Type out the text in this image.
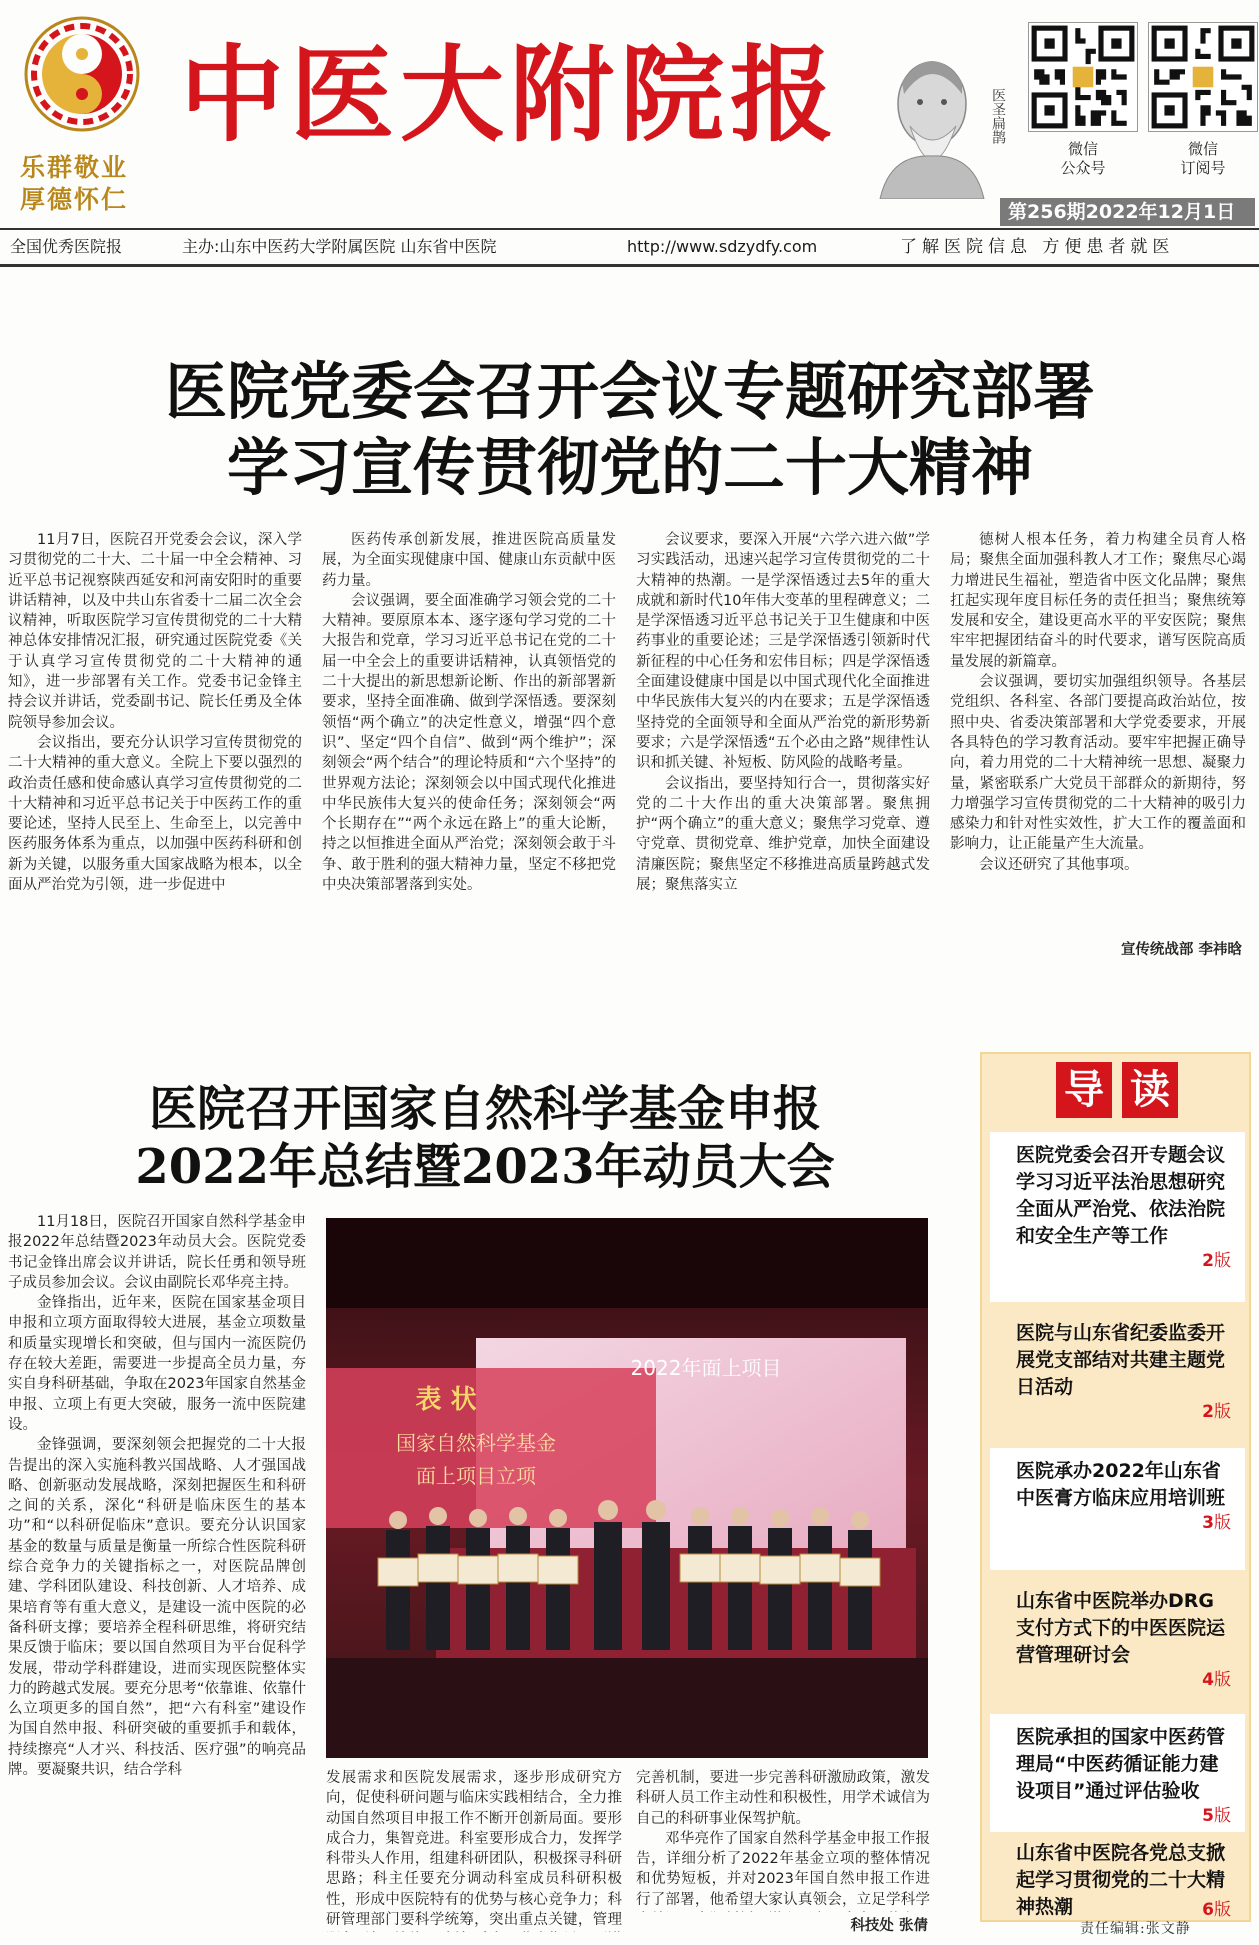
乐群敬业
厚德怀仁
中医大附院报	医圣扁鹊
微信
公众号
微信
订阅号
第256期2022年12月1日
全国优秀医院报	主办:山东中医药大学附属医院 山东省中医院	http://www.sdzydfy.com	了解医院信息 方便患者就医
医院党委会召开会议专题研究部署
学习宣传贯彻党的二十大精神

11月7日，医院召开党委会会议，深入学习贯彻党的二十大、二十届一中全会精神、习近平总书记视察陕西延安和河南安阳时的重要讲话精神，以及中共山东省委十二届二次全会议精神，听取医院学习宣传贯彻党的二十大精神总体安排情况汇报，研究通过医院党委《关于认真学习宣传贯彻党的二十大精神的通知》，进一步部署有关工作。党委书记金锋主持会议并讲话，党委副书记、院长任勇及全体院领导参加会议。

会议指出，要充分认识学习宣传贯彻党的二十大精神的重大意义。全院上下要以强烈的政治责任感和使命感认真学习宣传贯彻党的二十大精神和习近平总书记关于中医药工作的重要论述，坚持人民至上、生命至上，以完善中医药服务体系为重点，以加强中医药科研和创新为关键，以服务重大国家战略为根本，以全面从严治党为引领，进一步促进中

医药传承创新发展，推进医院高质量发展，为全面实现健康中国、健康山东贡献中医药力量。

会议强调，要全面准确学习领会党的二十大精神。要原原本本、逐字逐句学习党的二十大报告和党章，学习习近平总书记在党的二十届一中全会上的重要讲话精神，认真领悟党的二十大提出的新思想新论断、作出的新部署新要求，坚持全面准确、做到学深悟透。要深刻领悟“两个确立”的决定性意义，增强“四个意识”、坚定“四个自信”、做到“两个维护”；深刻领会“两个结合”的理论特质和“六个坚持”的世界观方法论；深刻领会以中国式现代化推进中华民族伟大复兴的使命任务；深刻领会“两个长期存在”“两个永远在路上”的重大论断，持之以恒推进全面从严治党；深刻领会敢于斗争、敢于胜利的强大精神力量，坚定不移把党中央决策部署落到实处。

会议要求，要深入开展“六学六进六做”学习实践活动，迅速兴起学习宣传贯彻党的二十大精神的热潮。一是学深悟透过去5年的重大成就和新时代10年伟大变革的里程碑意义；二是学深悟透习近平总书记关于卫生健康和中医药事业的重要论述；三是学深悟透引领新时代新征程的中心任务和宏伟目标；四是学深悟透全面建设健康中国是以中国式现代化全面推进中华民族伟大复兴的内在要求；五是学深悟透坚持党的全面领导和全面从严治党的新形势新要求；六是学深悟透“五个必由之路”规律性认识和抓关键、补短板、防风险的战略考量。

会议指出，要坚持知行合一，贯彻落实好党的二十大作出的重大决策部署。聚焦拥护“两个确立”的重大意义；聚焦学习党章、遵守党章、贯彻党章、维护党章，加快全面建设清廉医院；聚焦坚定不移推进高质量跨越式发展；聚焦落实立

德树人根本任务，着力构建全员育人格局；聚焦全面加强科教人才工作；聚焦尽心竭力增进民生福祉，塑造省中医文化品牌；聚焦扛起实现年度目标任务的责任担当；聚焦统筹发展和安全，建设更高水平的平安医院；聚焦牢牢把握团结奋斗的时代要求，谱写医院高质量发展的新篇章。

会议强调，要切实加强组织领导。各基层党组织、各科室、各部门要提高政治站位，按照中央、省委决策部署和大学党委要求，开展各具特色的学习教育活动。要牢牢把握正确导向，着力用党的二十大精神统一思想、凝聚力量，紧密联系广大党员干部群众的新期待，努力增强学习宣传贯彻党的二十大精神的吸引力感染力和针对性实效性，扩大工作的覆盖面和影响力，让正能量产生大流量。

会议还研究了其他事项。

宣传统战部 李祎晗
医院召开国家自然科学基金申报
2022年总结暨2023年动员大会

11月18日，医院召开国家自然科学基金申报2022年总结暨2023年动员大会。医院党委书记金锋出席会议并讲话，院长任勇和领导班子成员参加会议。会议由副院长邓华亮主持。

金锋指出，近年来，医院在国家基金项目申报和立项方面取得较大进展，基金立项数量和质量实现增长和突破，但与国内一流医院仍存在较大差距，需要进一步提高全员力量，夯实自身科研基础，争取在2023年国家自然基金申报、立项上有更大突破，服务一流中医院建设。

金锋强调，要深刻领会把握党的二十大报告提出的深入实施科教兴国战略、人才强国战略、创新驱动发展战略，深刻把握医生和科研之间的关系，深化“科研是临床医生的基本功”和“以科研促临床”意识。要充分认识国家基金的数量与质量是衡量一所综合性医院科研综合竞争力的关键指标之一，对医院品牌创建、学科团队建设、科技创新、人才培养、成果培育等有重大意义，是建设一流中医院的必备科研支撑；要培养全程科研思维，将研究结果反馈于临床；要以国自然项目为平台促科学发展，带动学科群建设，进而实现医院整体实力的跨越式发展。要充分思考“依靠谁、依靠什么立项更多的国自然”，把“六有科室”建设作为国自然申报、科研突破的重要抓手和载体，持续擦亮“人才兴、科技活、医疗强”的响亮品牌。要凝聚共识，结合学科

2022年面上项目
表 状
国家自然科学基金
面上项目立项

发展需求和医院发展需求，逐步形成研究方向，促使科研问题与临床实践相结合，全力推动国自然项目申报工作不断开创新局面。要形成合力，集智竞进。科室要形成合力，发挥学科带头人作用，组建科研团队，积极探寻科研思路；科主任要充分调动科室成员科研积极性，形成中医院特有的优势与核心竞争力；科研管理部门要科学统筹，突出重点关键，管理

完善机制，要进一步完善科研激励政策，激发科研人员工作主动性和积极性，用学术诚信为自己的科研事业保驾护航。

邓华亮作了国家自然科学基金申报工作报告，详细分析了2022年基金立项的整体情况和优势短板，并对2023年国自然申报工作进行了部署，他希望大家认真领会，立足学科学

科技处 张倩
导 读
医院党委会召开专题会议学习习近平法治思想研究全面从严治党、依法治院和安全生产等工作
2版
医院与山东省纪委监委开展党支部结对共建主题党日活动
2版
医院承办2022年山东省中医膏方临床应用培训班
3版
山东省中医院举办DRG支付方式下的中医医院运营管理研讨会
4版
医院承担的国家中医药管理局“中医药循证能力建设项目”通过评估验收
5版
山东省中医院各党总支掀起学习贯彻党的二十大精神热潮	6版
责任编辑:张文静
